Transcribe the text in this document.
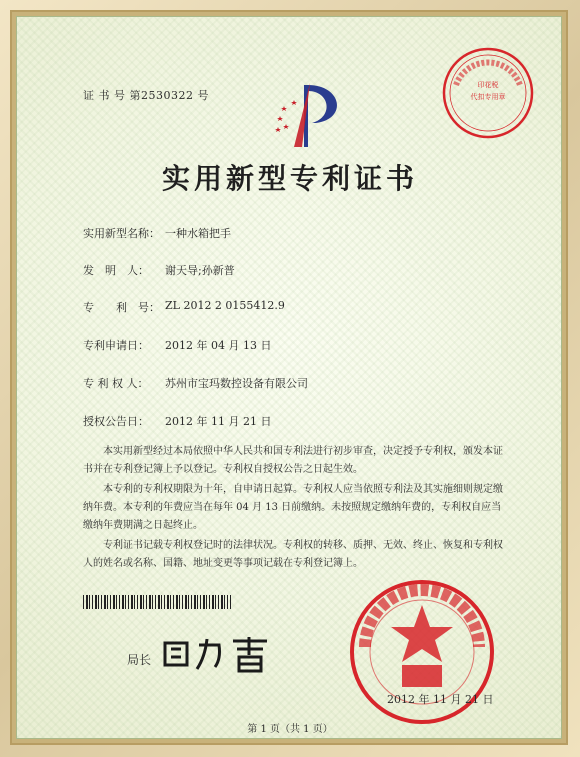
证 书 号 第2530322 号
印花税
代扣专用章
实用新型专利证书
实用新型名称： 一种水箱把手
发　明　人： 谢天导;孙新普
专　　利　号： ZL 2012 2 0155412.9
专利申请日： 2012 年 04 月 13 日
专 利 权 人： 苏州市宝玛数控设备有限公司
授权公告日： 2012 年 11 月 21 日
本实用新型经过本局依照中华人民共和国专利法进行初步审查，决定授予专利权，颁发本证书并在专利登记簿上予以登记。专利权自授权公告之日起生效。
本专利的专利权期限为十年，自申请日起算。专利权人应当依照专利法及其实施细则规定缴纳年费。本专利的年费应当在每年 04 月 13 日前缴纳。未按照规定缴纳年费的，专利权自应当缴纳年费期满之日起终止。
专利证书记载专利权登记时的法律状况。专利权的转移、质押、无效、终止、恢复和专利权人的姓名或名称、国籍、地址变更等事项记载在专利登记簿上。
局长
2012 年 11 月 21 日
第 1 页（共 1 页）
